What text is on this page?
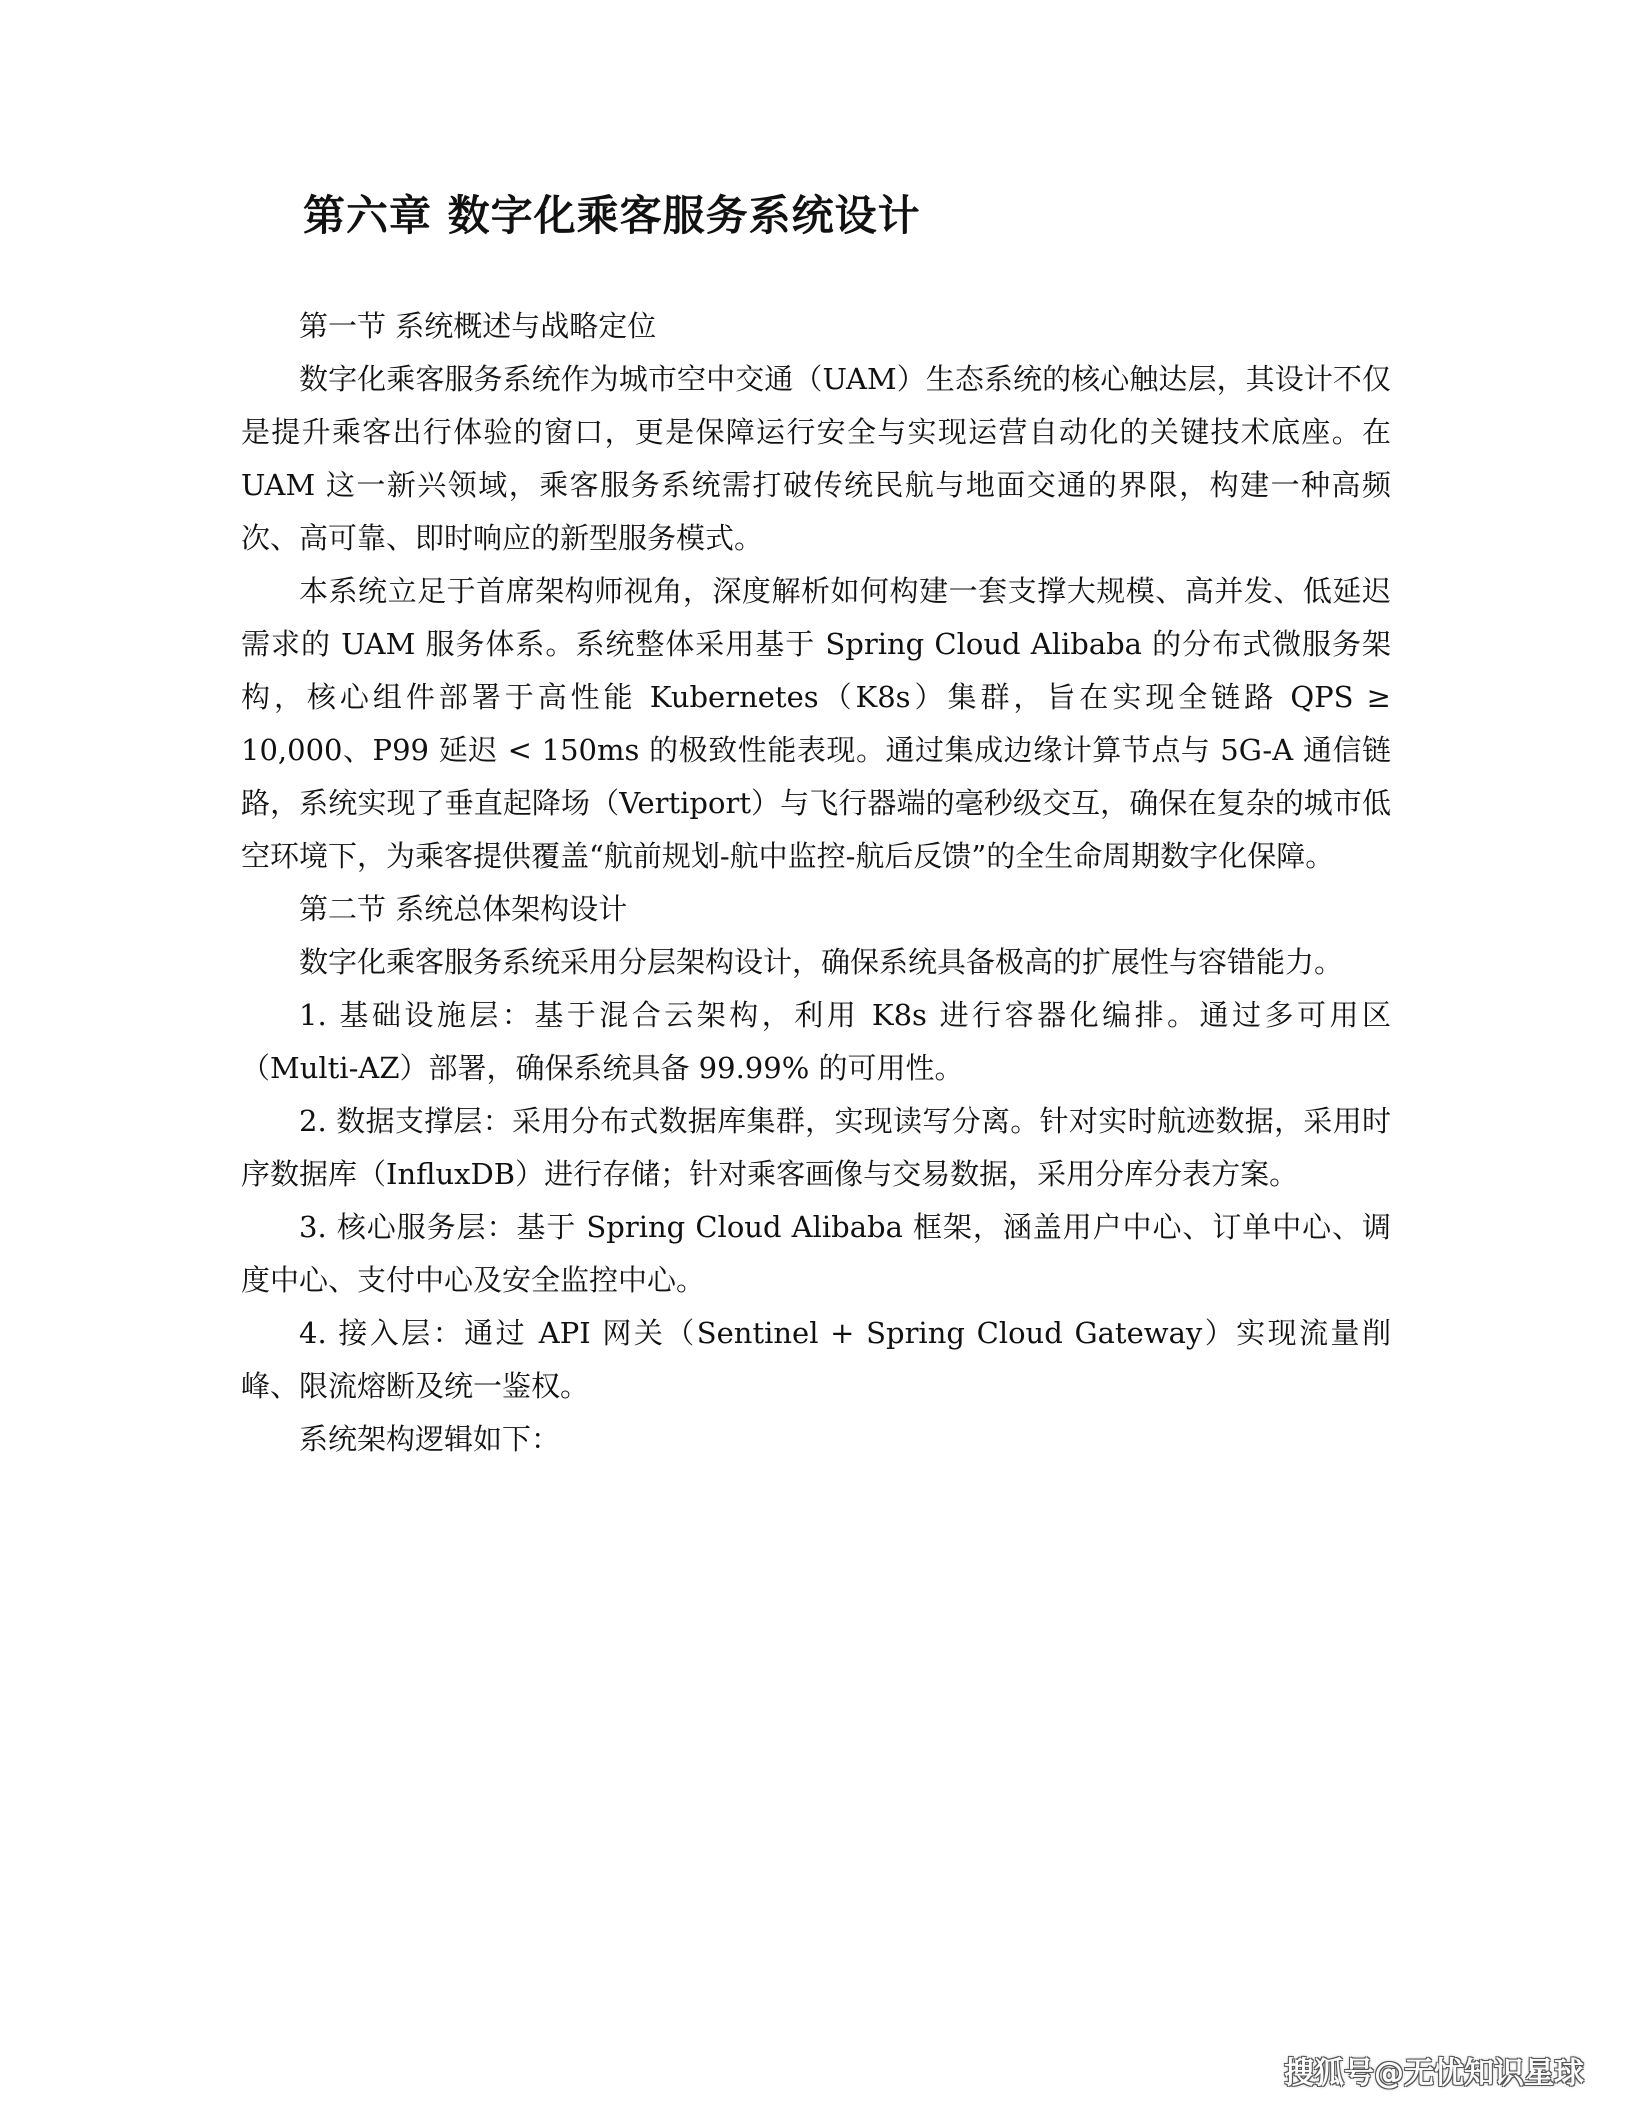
第六章 数字化乘客服务系统设计

第一节 系统概述与战略定位

数字化乘客服务系统作为城市空中交通（UAM）生态系统的核心触达层，其设计不仅是提升乘客出行体验的窗口，更是保障运行安全与实现运营自动化的关键技术底座。在 UAM 这一新兴领域，乘客服务系统需打破传统民航与地面交通的界限，构建一种高频次、高可靠、即时响应的新型服务模式。

本系统立足于首席架构师视角，深度解析如何构建一套支撑大规模、高并发、低延迟需求的 UAM 服务体系。系统整体采用基于 Spring Cloud Alibaba 的分布式微服务架构，核心组件部署于高性能 Kubernetes（K8s）集群，旨在实现全链路 QPS ≥ 10,000、P99 延迟 < 150ms 的极致性能表现。通过集成边缘计算节点与 5G-A 通信链路，系统实现了垂直起降场（Vertiport）与飞行器端的毫秒级交互，确保在复杂的城市低空环境下，为乘客提供覆盖“航前规划-航中监控-航后反馈”的全生命周期数字化保障。

第二节 系统总体架构设计

数字化乘客服务系统采用分层架构设计，确保系统具备极高的扩展性与容错能力。

1. 基础设施层：基于混合云架构，利用 K8s 进行容器化编排。通过多可用区（Multi-AZ）部署，确保系统具备 99.99% 的可用性。

2. 数据支撑层：采用分布式数据库集群，实现读写分离。针对实时航迹数据，采用时序数据库（InfluxDB）进行存储；针对乘客画像与交易数据，采用分库分表方案。

3. 核心服务层：基于 Spring Cloud Alibaba 框架，涵盖用户中心、订单中心、调度中心、支付中心及安全监控中心。

4. 接入层：通过 API 网关（Sentinel + Spring Cloud Gateway）实现流量削峰、限流熔断及统一鉴权。

系统架构逻辑如下：

搜狐号@无忧知识星球
